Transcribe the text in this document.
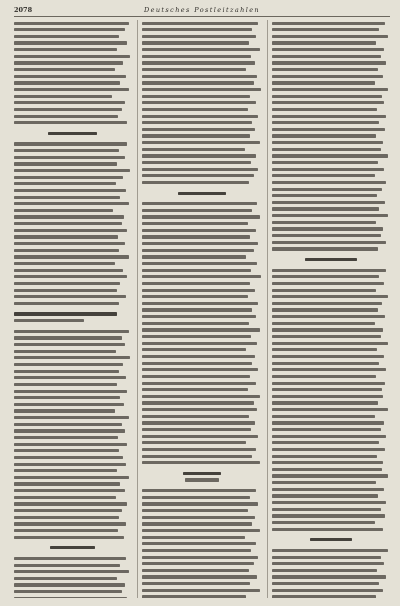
2078	Deutsches Postleitzahlen
